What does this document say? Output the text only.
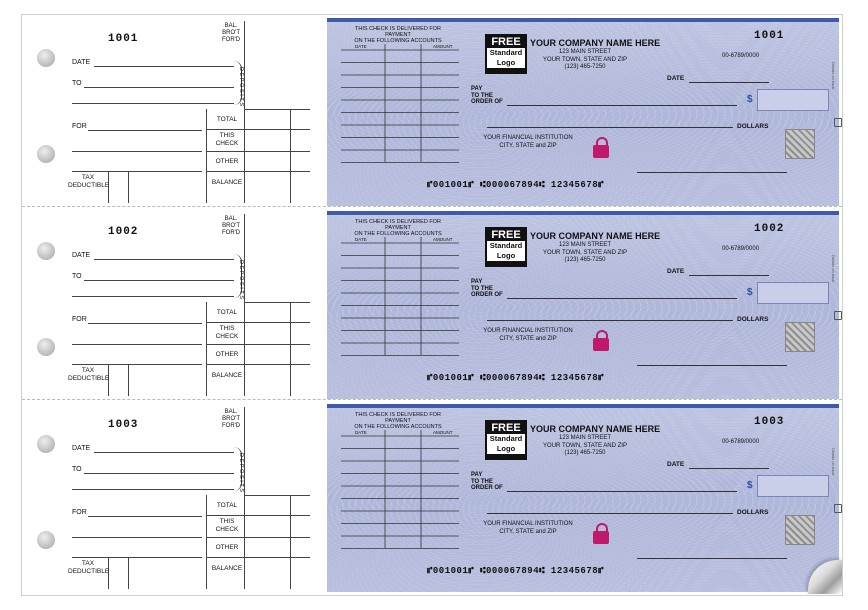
1001
BAL.
BRO'T
FOR'D
DATE
TO	DEPOSITS
FOR
TOTAL
THIS
CHECK
OTHER
TAX
DEDUCTIBLE	BALANCE
THIS CHECK IS DELIVERED FOR PAYMENT
ON THE FOLLOWING ACCOUNTS
DATE	AMOUNT	FREE
Standard
Logo
YOUR COMPANY NAME HERE
123 MAIN STREET
YOUR TOWN, STATE AND ZIP
(123) 465-7250
1001
00-6789/0000
DATE
PAY
TO THE
ORDER OF	$
DOLLARS
YOUR FINANCIAL INSTITUTION
CITY, STATE and ZIP
⑈001001⑈ ⑆000067894⑆ 12345678⑈
Details on back
1002
BAL.
BRO'T
FOR'D
DATE
TO	DEPOSITS
FOR
TOTAL
THIS
CHECK
OTHER
TAX
DEDUCTIBLE	BALANCE
THIS CHECK IS DELIVERED FOR PAYMENT
ON THE FOLLOWING ACCOUNTS
DATE	AMOUNT	FREE
Standard
Logo
YOUR COMPANY NAME HERE
123 MAIN STREET
YOUR TOWN, STATE AND ZIP
(123) 465-7250
1002
00-6789/0000
DATE
PAY
TO THE
ORDER OF	$
DOLLARS
YOUR FINANCIAL INSTITUTION
CITY, STATE and ZIP
⑈001001⑈ ⑆000067894⑆ 12345678⑈
Details on back
1003
BAL.
BRO'T
FOR'D
DATE
TO	DEPOSITS
FOR
TOTAL
THIS
CHECK
OTHER
TAX
DEDUCTIBLE	BALANCE
THIS CHECK IS DELIVERED FOR PAYMENT
ON THE FOLLOWING ACCOUNTS
DATE	AMOUNT	FREE
Standard
Logo
YOUR COMPANY NAME HERE
123 MAIN STREET
YOUR TOWN, STATE AND ZIP
(123) 465-7250
1003
00-6789/0000
DATE
PAY
TO THE
ORDER OF	$
DOLLARS
YOUR FINANCIAL INSTITUTION
CITY, STATE and ZIP
⑈001001⑈ ⑆000067894⑆ 12345678⑈
Details on back
